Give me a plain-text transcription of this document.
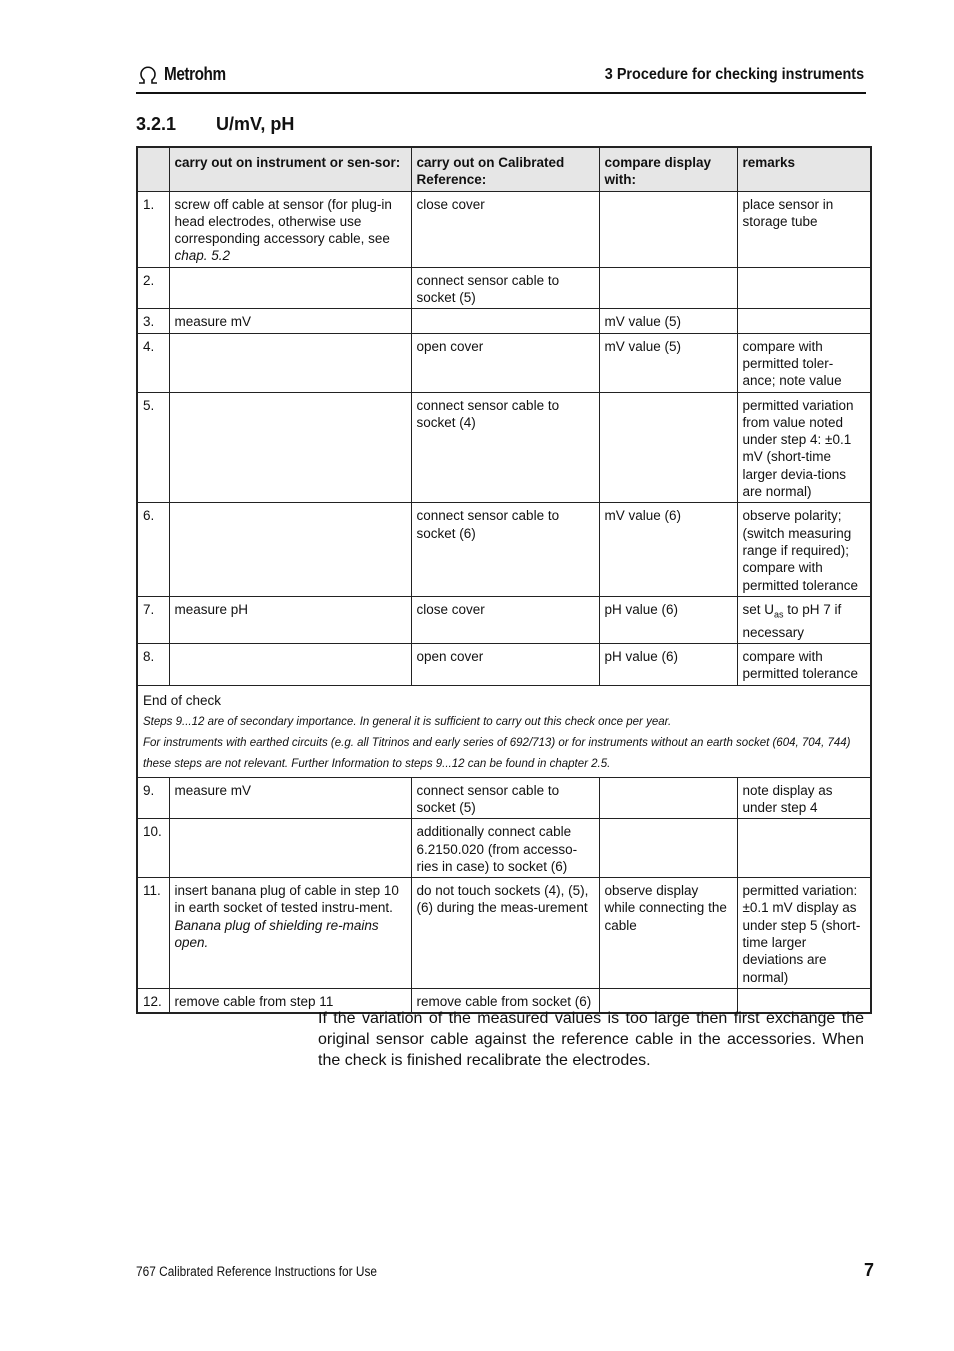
Metrohm	3 Procedure for checking instruments
3.2.1 U/mV, pH
	carry out on instrument or sen-sor:	carry out on Calibrated Reference:	compare display with:	remarks
1.	screw off cable at sensor (for plug-in head electrodes, otherwise use corresponding accessory cable, see chap. 5.2	close cover		place sensor in storage tube
2.		connect sensor cable to socket (5)		
3.	measure mV		mV value (5)	
4.		open cover	mV value (5)	compare with permitted toler-ance; note value
5.		connect sensor cable to socket (4)		permitted variation from value noted under step 4: ±0.1 mV (short-time larger devia-tions are normal)
6.		connect sensor cable to socket (6)	mV value (6)	observe polarity; (switch measuring range if required); compare with permitted tolerance
7.	measure pH	close cover	pH value (6)	set $U_{as}$ to pH 7 if necessary
8.		open cover	pH value (6)	compare with permitted tolerance

End of check
Steps 9...12 are of secondary importance. In general it is sufficient to carry out this check once per year.
For instruments with earthed circuits (e.g. all Titrinos and early series of 692/713) or for instruments without an earth socket (604, 704, 744) these steps are not relevant. Further Information to steps 9...12 can be found in chapter 2.5.				

9.	measure mV	connect sensor cable to socket (5)		note display as under step 4
10.		additionally connect cable 6.2150.020 (from accesso-ries in case) to socket (6)		
11.	insert banana plug of cable in step 10 in earth socket of tested instru-ment. Banana plug of shielding re-mains open.	do not touch sockets (4), (5), (6) during the meas-urement	observe display while connecting the cable	permitted variation: ±0.1 mV display as under step 5 (short-time larger deviations are normal)
12.	remove cable from step 11	remove cable from socket (6)		
If the variation of the measured values is too large then first exchange the original sensor cable against the reference cable in the accessories. When the check is finished recalibrate the electrodes.
767 Calibrated Reference Instructions for Use	7
